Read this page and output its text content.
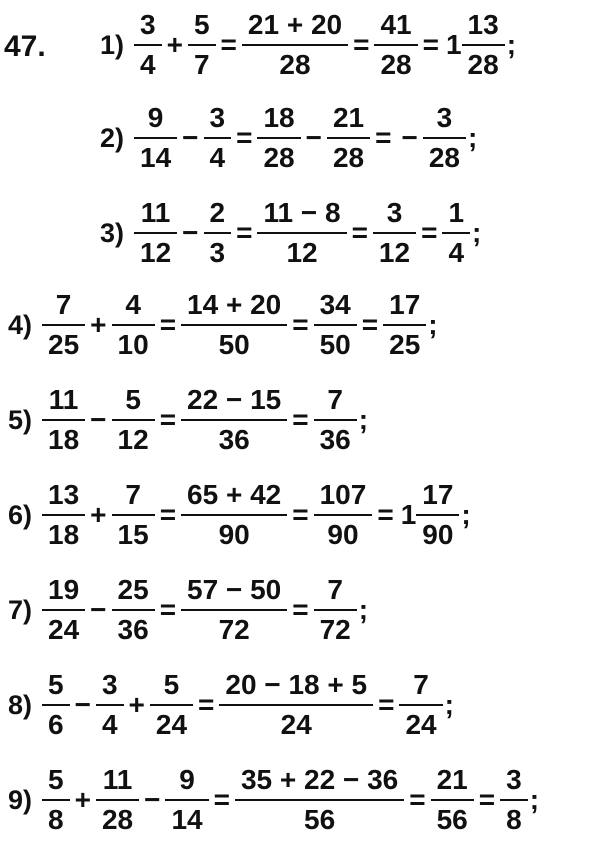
47. $1) \frac{3}{4} + \frac{5}{7} = \frac{21 + 20}{28} = \frac{41}{28} = 1 \frac{13}{28}$ ;
$2) \frac{9}{14} - \frac{3}{4} = \frac{18}{28} - \frac{21}{28}$ = − $\frac{3}{28}$ ;
$3) \frac{11}{12} - \frac{2}{3} = \frac{11 - 8}{12} = \frac{3}{12} = \frac{1}{4}$ ;
$4) \frac{7}{25} + \frac{4}{10} = \frac{14 + 20}{50} = \frac{34}{50} = \frac{17}{25}$ ;
$5) \frac{11}{18} - \frac{5}{12} = \frac{22 - 15}{36} = \frac{7}{36}$ ;
$6) \frac{13}{18} + \frac{7}{15} = \frac{65 + 42}{90} = \frac{107}{90} = 1 \frac{17}{90}$ ;
$7) \frac{19}{24} - \frac{25}{36} = \frac{57 - 50}{72} = \frac{7}{72}$ ;
$8) \frac{5}{6} - \frac{3}{4} + \frac{5}{24} = \frac{20 - 18 + 5}{24} = \frac{7}{24}$ ;
$9) \frac{5}{8} + \frac{11}{28} - \frac{9}{14} = \frac{35 + 22 - 36}{56} = \frac{21}{56} = \frac{3}{8}$ ;
